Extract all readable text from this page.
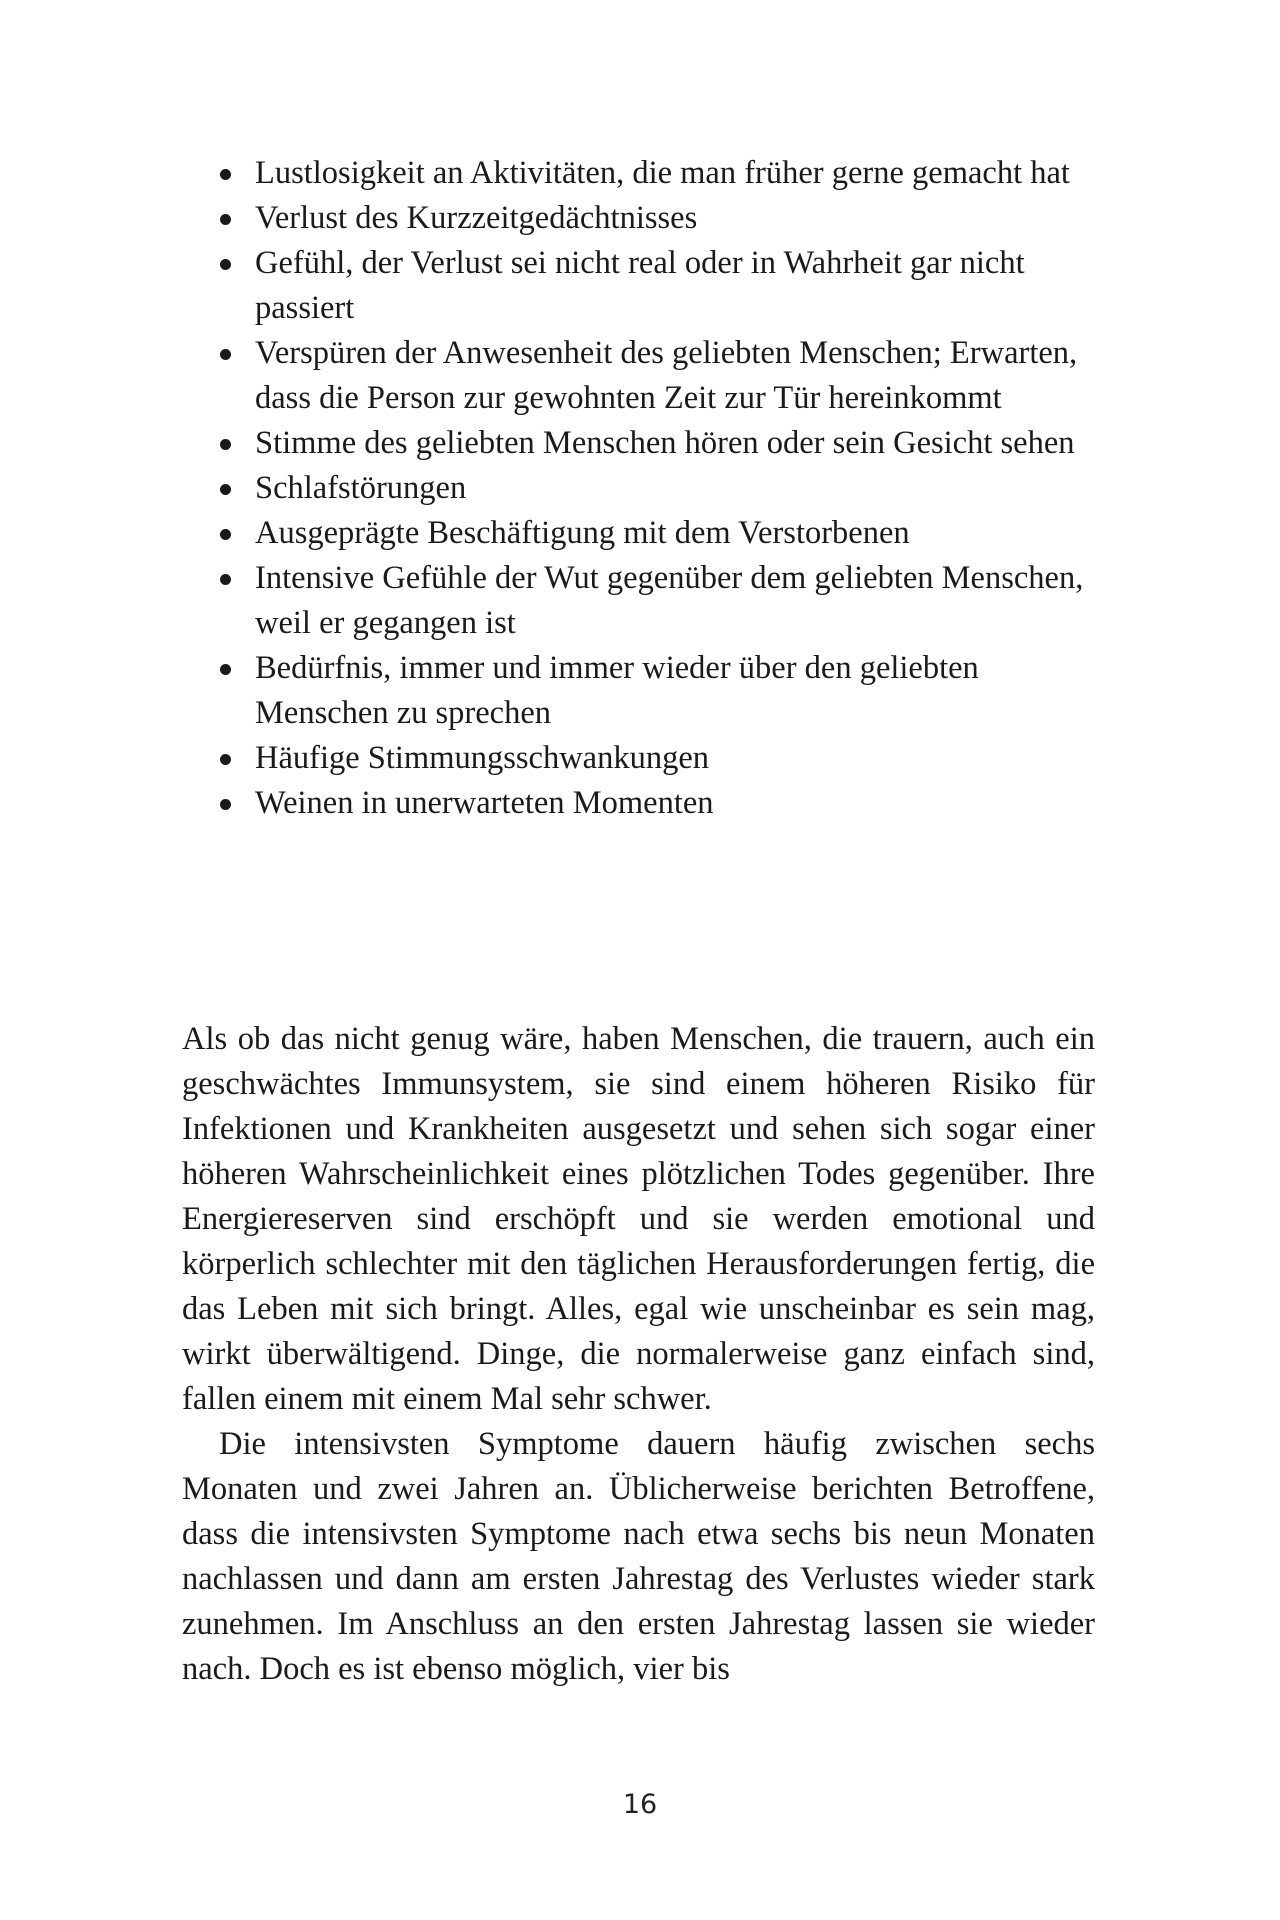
Lustlosigkeit an Aktivitäten, die man früher gerne gemacht hat
Verlust des Kurzzeitgedächtnisses
Gefühl, der Verlust sei nicht real oder in Wahrheit gar nicht passiert
Verspüren der Anwesenheit des geliebten Menschen; Erwarten, dass die Person zur gewohnten Zeit zur Tür hereinkommt
Stimme des geliebten Menschen hören oder sein Gesicht sehen
Schlafstörungen
Ausgeprägte Beschäftigung mit dem Verstorbenen
Intensive Gefühle der Wut gegenüber dem geliebten Menschen, weil er gegangen ist
Bedürfnis, immer und immer wieder über den geliebten Menschen zu sprechen
Häufige Stimmungsschwankungen
Weinen in unerwarteten Momenten

Als ob das nicht genug wäre, haben Menschen, die trauern, auch ein geschwächtes Immunsystem, sie sind einem höheren Risiko für Infektionen und Krankheiten ausgesetzt und sehen sich sogar einer höheren Wahrscheinlichkeit eines plötzlichen Todes gegenüber. Ihre Energiereserven sind erschöpft und sie werden emotional und körperlich schlechter mit den täglichen Herausforderungen fertig, die das Leben mit sich bringt. Alles, egal wie unscheinbar es sein mag, wirkt überwältigend. Dinge, die normalerweise ganz einfach sind, fallen einem mit einem Mal sehr schwer.

Die intensivsten Symptome dauern häufig zwischen sechs Monaten und zwei Jahren an. Üblicherweise berichten Betroffene, dass die intensivsten Symptome nach etwa sechs bis neun Monaten nachlassen und dann am ersten Jahrestag des Verlustes wieder stark zunehmen. Im Anschluss an den ersten Jahrestag lassen sie wieder nach. Doch es ist ebenso möglich, vier bis

16
